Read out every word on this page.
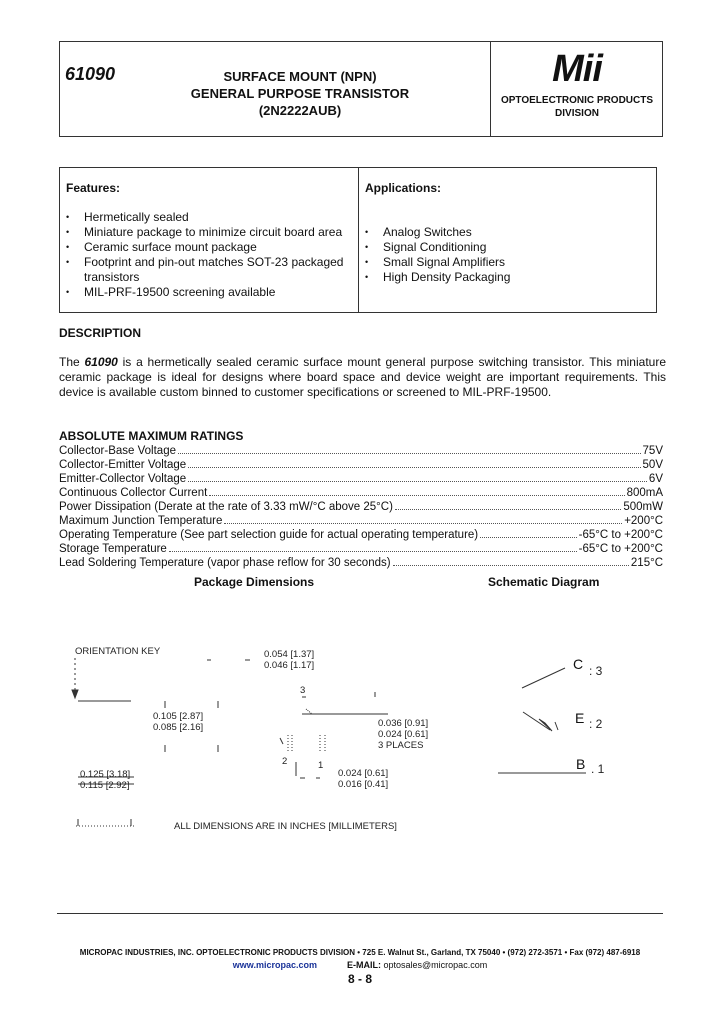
61090	SURFACE MOUNT (NPN)
GENERAL PURPOSE TRANSISTOR
(2N2222AUB)
Mii
OPTOELECTRONIC PRODUCTS
DIVISION
Features:
• Hermetically sealed
• Miniature package to minimize circuit board area
• Ceramic surface mount package
• Footprint and pin-out matches SOT-23 packaged transistors
• MIL-PRF-19500 screening available
Applications:
• Analog Switches
• Signal Conditioning
• Small Signal Amplifiers
• High Density Packaging
DESCRIPTION
The 61090 is a hermetically sealed ceramic surface mount general purpose switching transistor. This miniature ceramic package is ideal for designs where board space and device weight are important requirements. This device is available custom binned to customer specifications or screened to MIL-PRF-19500.
ABSOLUTE MAXIMUM RATINGS
Collector-Base Voltage	75V
Collector-Emitter Voltage	50V
Emitter-Collector Voltage	6V
Continuous Collector Current	800mA
Power Dissipation (Derate at the rate of 3.33 mW/°C above 25°C)	500mW
Maximum Junction Temperature	+200°C
Operating Temperature (See part selection guide for actual operating temperature)	-65°C to +200°C
Storage Temperature	-65°C to +200°C
Lead Soldering Temperature (vapor phase reflow for 30 seconds)	215°C
Package Dimensions	Schematic Diagram
ORIENTATION KEY	0.054 [1.37]
0.046 [1.17]
3
0.105 [2.87]
0.085 [2.16]	0.036 [0.91]
0.024 [0.61]
3 PLACES
2	1
0.125 [3.18]
0.115 [2.92]
0.024 [0.61]
0.016 [0.41]
ALL DIMENSIONS ARE IN INCHES [MILLIMETERS]
C : 3
E : 2
B . 1
MICROPAC INDUSTRIES, INC. OPTOELECTRONIC PRODUCTS DIVISION • 725 E. Walnut St., Garland, TX 75040 • (972) 272-3571 • Fax (972) 487-6918
www.micropac.com	E-MAIL: optosales@micropac.com
8 - 8
